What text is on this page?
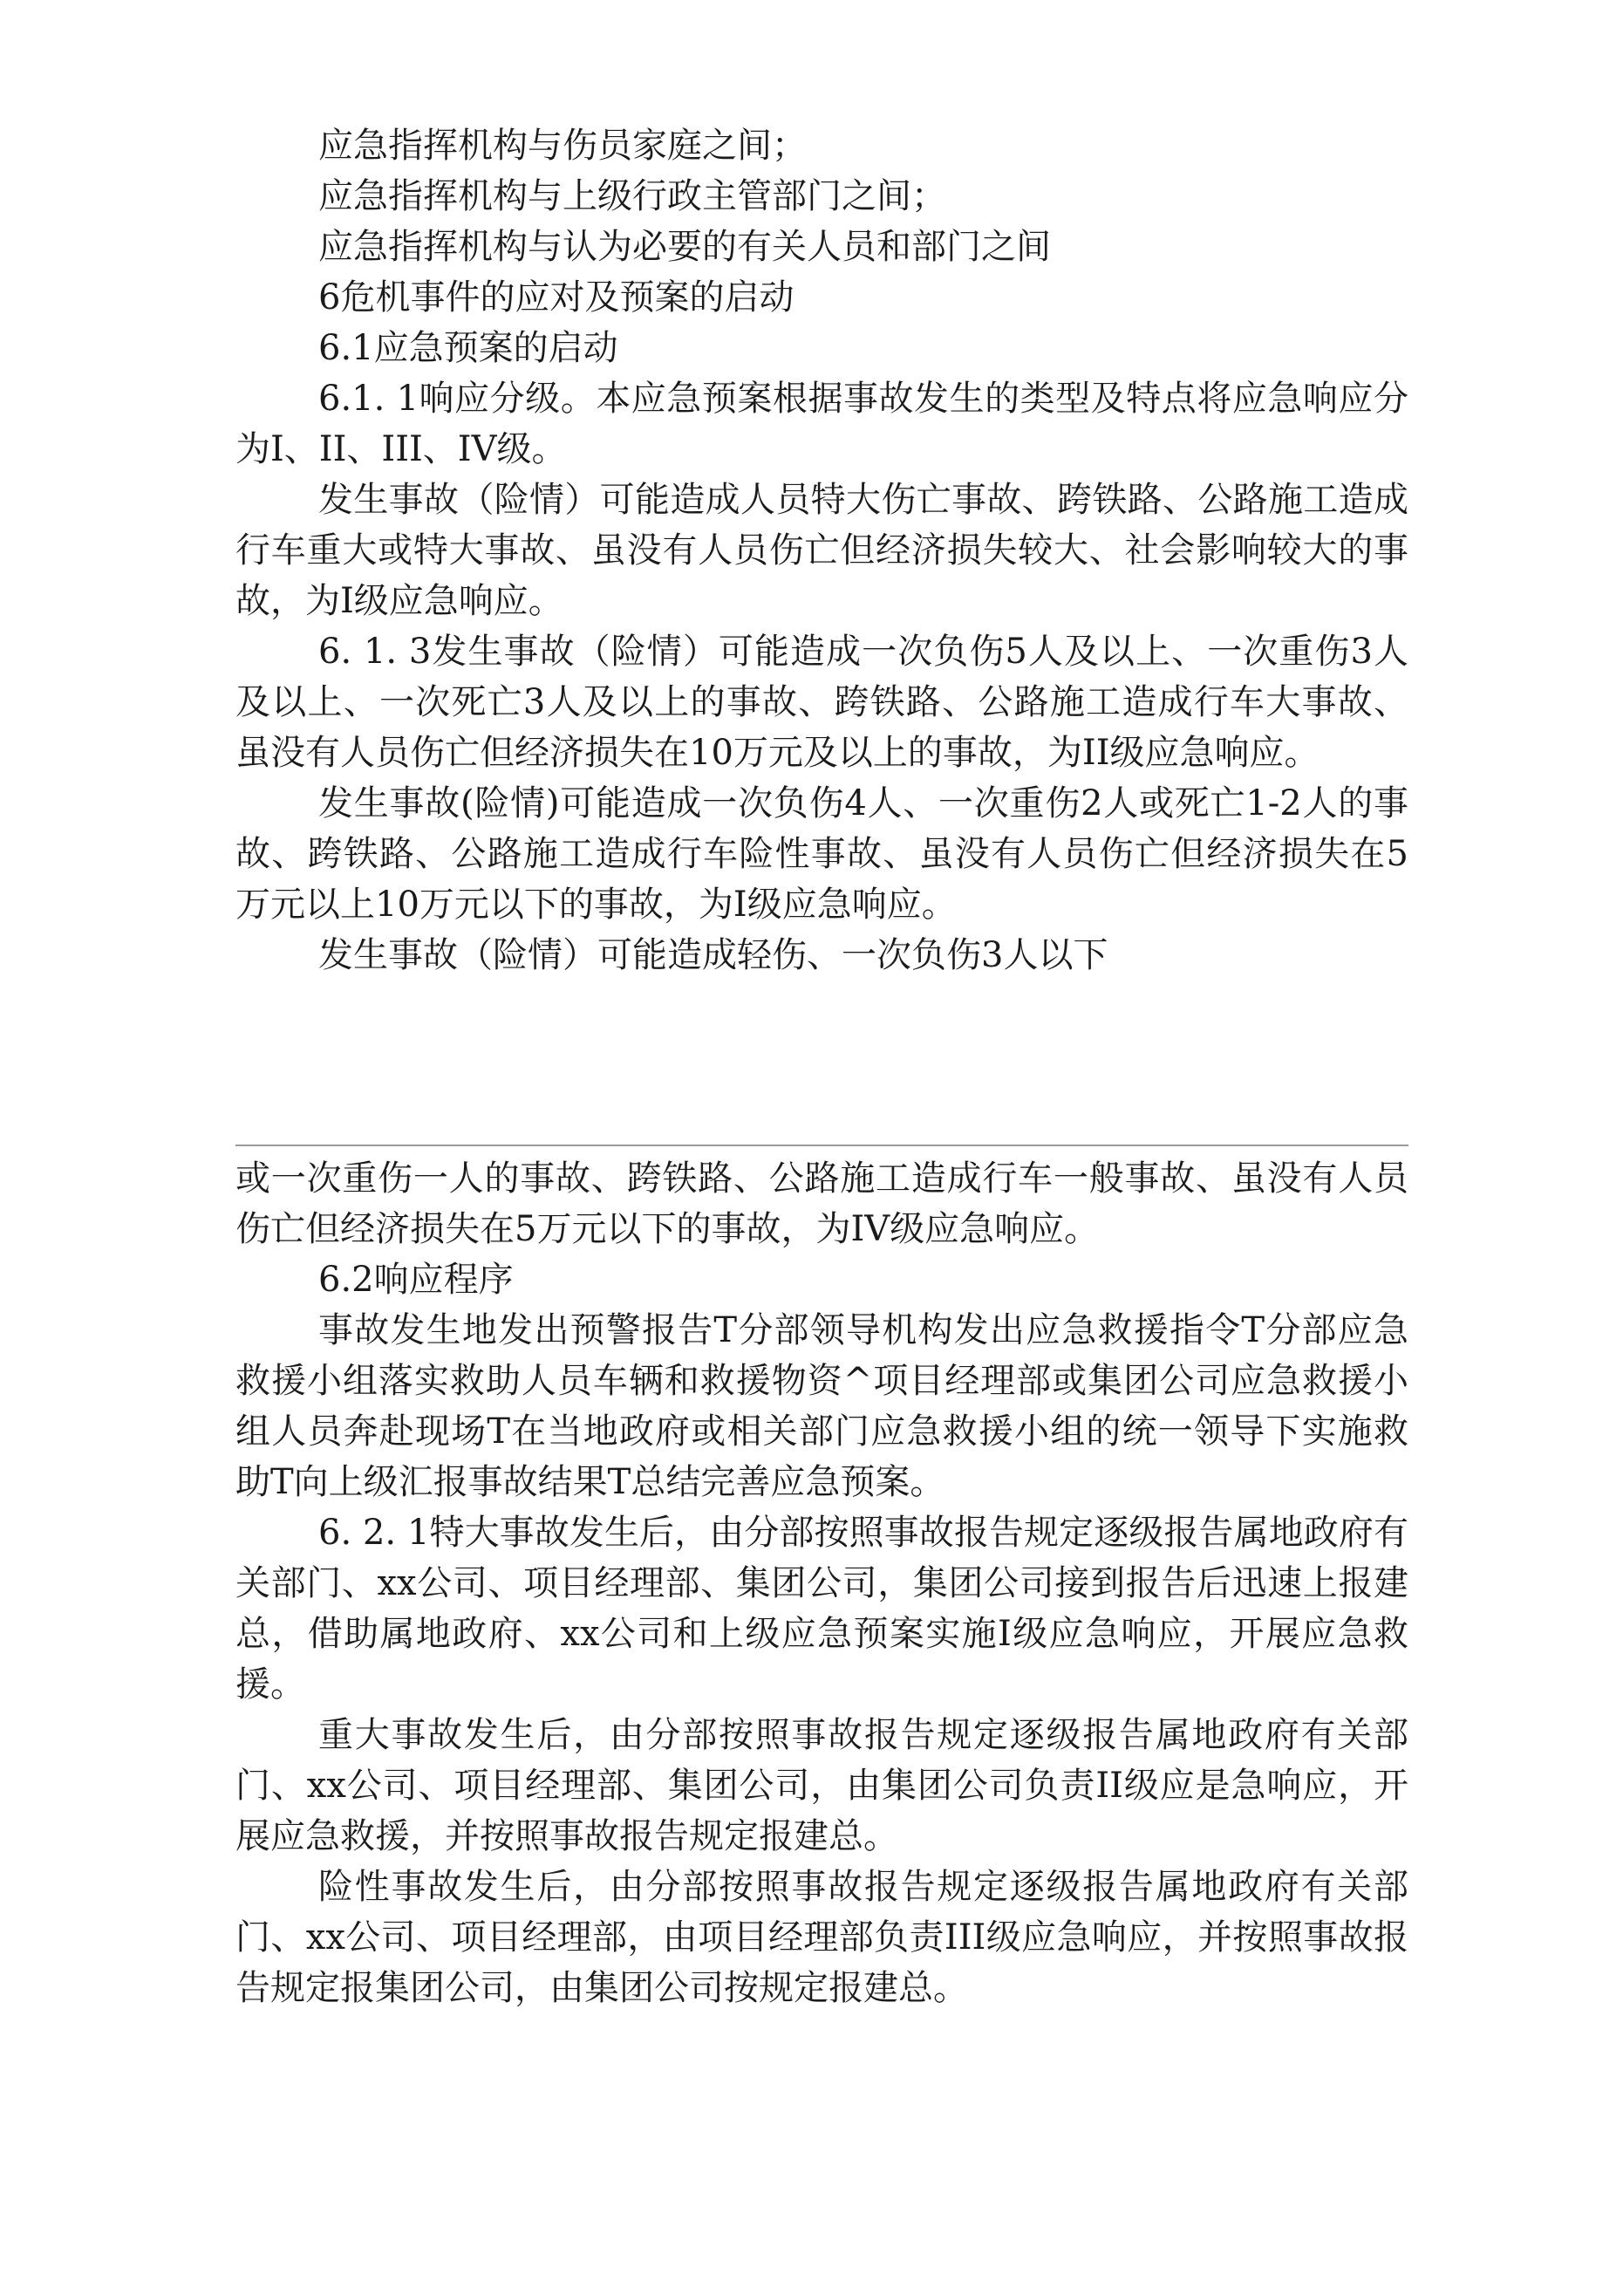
应急指挥机构与伤员家庭之间；
应急指挥机构与上级行政主管部门之间；
应急指挥机构与认为必要的有关人员和部门之间
6危机事件的应对及预案的启动
6.1应急预案的启动

6.1. 1响应分级。本应急预案根据事故发生的类型及特点将应急响应分为I、II、III、IV级。

发生事故（险情）可能造成人员特大伤亡事故、跨铁路、公路施工造成行车重大或特大事故、虽没有人员伤亡但经济损失较大、社会影响较大的事故，为I级应急响应。

6. 1. 3发生事故（险情）可能造成一次负伤5人及以上、一次重伤3人及以上、一次死亡3人及以上的事故、跨铁路、公路施工造成行车大事故、虽没有人员伤亡但经济损失在10万元及以上的事故，为II级应急响应。

发生事故(险情)可能造成一次负伤4人、一次重伤2人或死亡1-2人的事故、跨铁路、公路施工造成行车险性事故、虽没有人员伤亡但经济损失在5万元以上10万元以下的事故，为I级应急响应。

发生事故（险情）可能造成轻伤、一次负伤3人以下

或一次重伤一人的事故、跨铁路、公路施工造成行车一般事故、虽没有人员伤亡但经济损失在5万元以下的事故，为IV级应急响应。

6.2响应程序

事故发生地发出预警报告T分部领导机构发出应急救援指令T分部应急救援小组落实救助人员车辆和救援物资^项目经理部或集团公司应急救援小组人员奔赴现场T在当地政府或相关部门应急救援小组的统一领导下实施救助T向上级汇报事故结果T总结完善应急预案。

6. 2. 1特大事故发生后，由分部按照事故报告规定逐级报告属地政府有关部门、xx公司、项目经理部、集团公司，集团公司接到报告后迅速上报建总，借助属地政府、xx公司和上级应急预案实施I级应急响应，开展应急救援。

重大事故发生后，由分部按照事故报告规定逐级报告属地政府有关部门、xx公司、项目经理部、集团公司，由集团公司负责II级应是急响应，开展应急救援，并按照事故报告规定报建总。

险性事故发生后，由分部按照事故报告规定逐级报告属地政府有关部门、xx公司、项目经理部，由项目经理部负责III级应急响应，并按照事故报告规定报集团公司，由集团公司按规定报建总。
